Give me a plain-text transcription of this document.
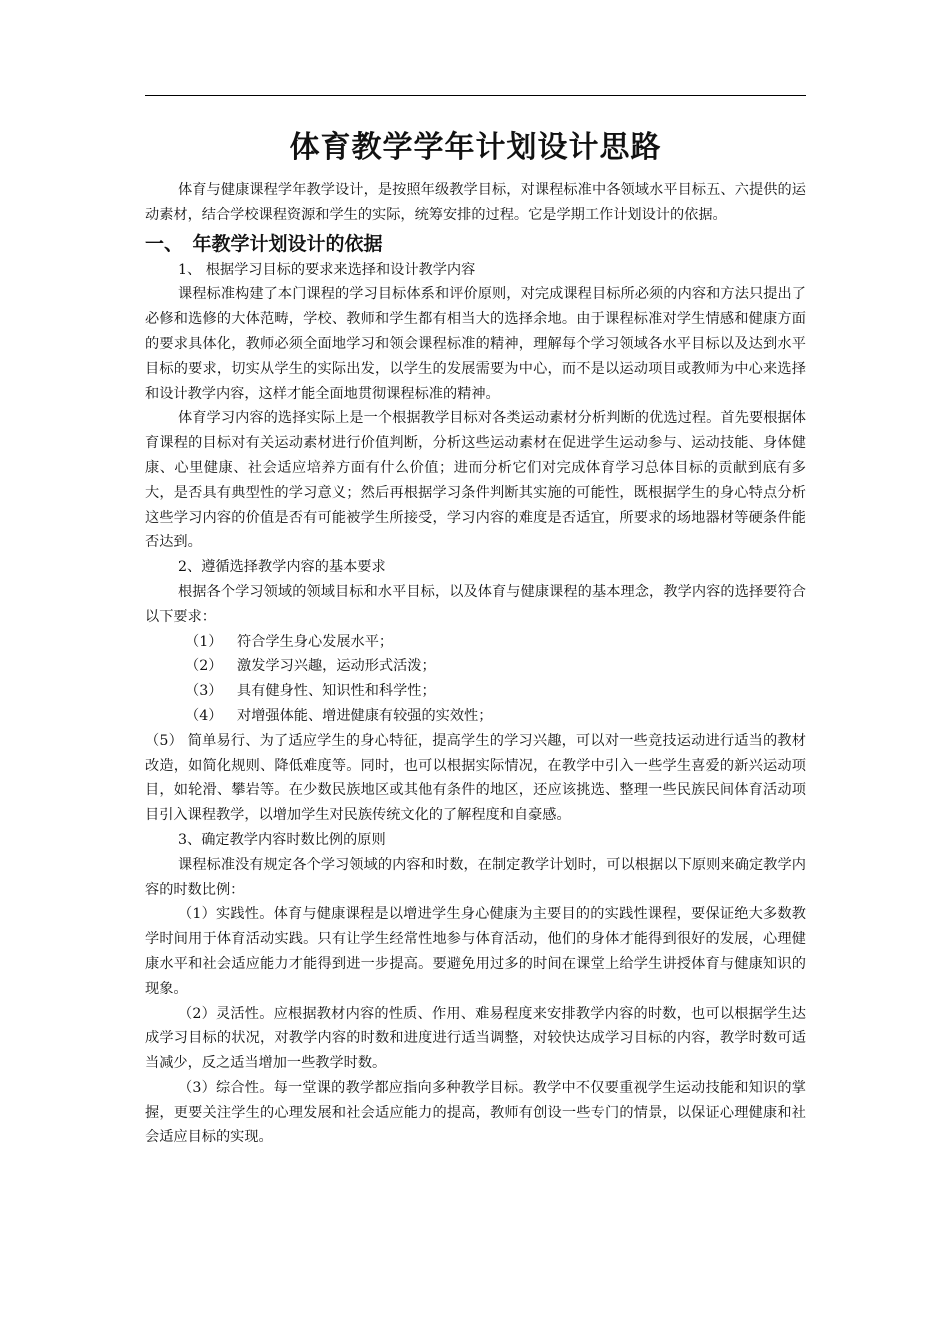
体育教学学年计划设计思路

体育与健康课程学年教学设计，是按照年级教学目标，对课程标准中各领域水平目标五、六提供的运动素材，结合学校课程资源和学生的实际，统筹安排的过程。它是学期工作计划设计的依据。

一、　年教学计划设计的依据

1、 根据学习目标的要求来选择和设计教学内容

课程标准构建了本门课程的学习目标体系和评价原则，对完成课程目标所必须的内容和方法只提出了必修和选修的大体范畴，学校、教师和学生都有相当大的选择余地。由于课程标准对学生情感和健康方面的要求具体化，教师必须全面地学习和领会课程标准的精神，理解每个学习领域各水平目标以及达到水平目标的要求，切实从学生的实际出发，以学生的发展需要为中心，而不是以运动项目或教师为中心来选择和设计教学内容，这样才能全面地贯彻课程标准的精神。

体育学习内容的选择实际上是一个根据教学目标对各类运动素材分析判断的优选过程。首先要根据体育课程的目标对有关运动素材进行价值判断，分析这些运动素材在促进学生运动参与、运动技能、身体健康、心里健康、社会适应培养方面有什么价值；进而分析它们对完成体育学习总体目标的贡献到底有多大，是否具有典型性的学习意义；然后再根据学习条件判断其实施的可能性，既根据学生的身心特点分析这些学习内容的价值是否有可能被学生所接受，学习内容的难度是否适宜，所要求的场地器材等硬条件能否达到。

2、遵循选择教学内容的基本要求

根据各个学习领域的领域目标和水平目标，以及体育与健康课程的基本理念，教学内容的选择要符合以下要求：

（1） 符合学生身心发展水平；

（2） 激发学习兴趣，运动形式活泼；

（3） 具有健身性、知识性和科学性；

（4） 对增强体能、增进健康有较强的实效性；

（5） 简单易行、为了适应学生的身心特征，提高学生的学习兴趣，可以对一些竞技运动进行适当的教材改造，如简化规则、降低难度等。同时，也可以根据实际情况，在教学中引入一些学生喜爱的新兴运动项目，如轮滑、攀岩等。在少数民族地区或其他有条件的地区，还应该挑选、整理一些民族民间体育活动项目引入课程教学，以增加学生对民族传统文化的了解程度和自豪感。

3、确定教学内容时数比例的原则

课程标准没有规定各个学习领域的内容和时数，在制定教学计划时，可以根据以下原则来确定教学内容的时数比例：

（1）实践性。体育与健康课程是以增进学生身心健康为主要目的的实践性课程，要保证绝大多数教学时间用于体育活动实践。只有让学生经常性地参与体育活动，他们的身体才能得到很好的发展，心理健康水平和社会适应能力才能得到进一步提高。要避免用过多的时间在课堂上给学生讲授体育与健康知识的现象。

（2）灵活性。应根据教材内容的性质、作用、难易程度来安排教学内容的时数，也可以根据学生达成学习目标的状况，对教学内容的时数和进度进行适当调整，对较快达成学习目标的内容，教学时数可适当减少，反之适当增加一些教学时数。

（3）综合性。每一堂课的教学都应指向多种教学目标。教学中不仅要重视学生运动技能和知识的掌握，更要关注学生的心理发展和社会适应能力的提高，教师有创设一些专门的情景，以保证心理健康和社会适应目标的实现。
